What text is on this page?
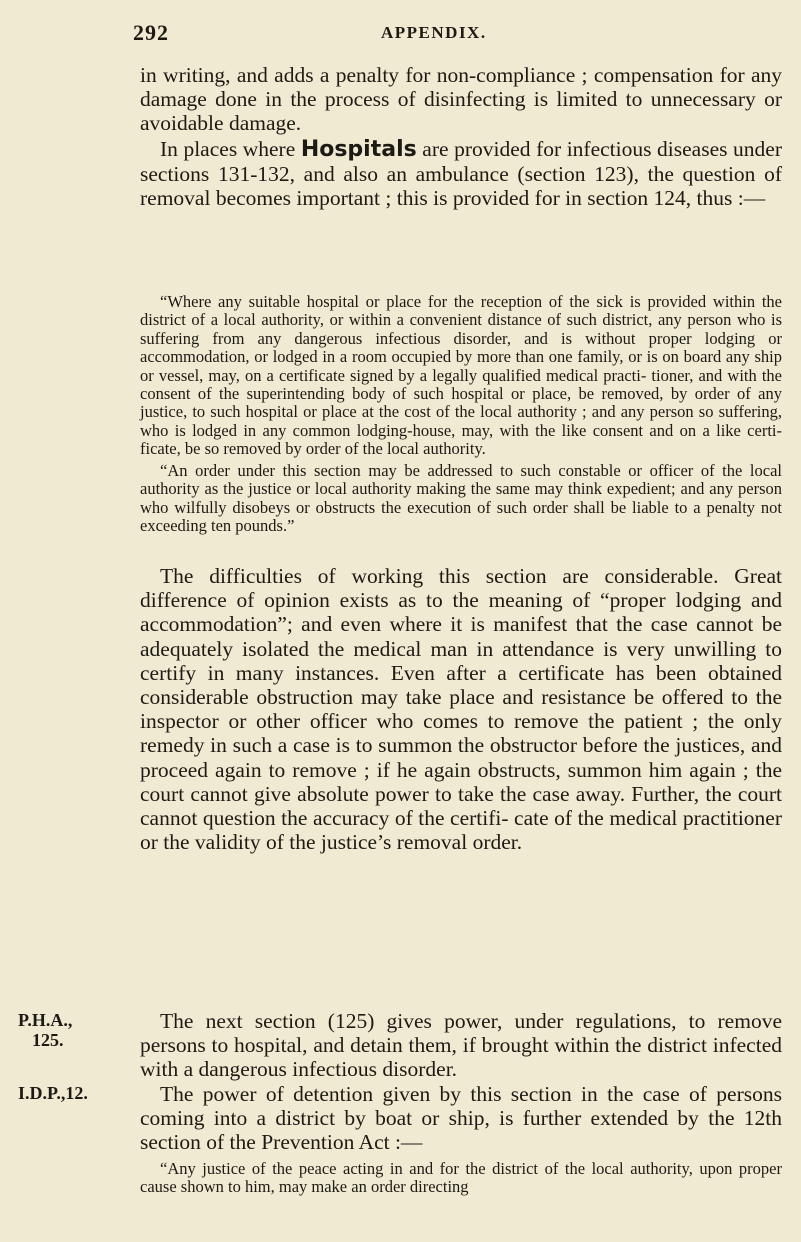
292	APPENDIX.

in writing, and adds a penalty for non-compliance ; compensation for any damage done in the process of disinfecting is limited to unnecessary or avoidable damage.

In places where Hospitals are provided for infectious diseases under sections 131-132, and also an ambulance (section 123), the question of removal becomes important ; this is provided for in section 124, thus :—

“Where any suitable hospital or place for the reception of the sick is provided within the district of a local authority, or within a convenient distance of such district, any person who is suffering from any dangerous infectious disorder, and is without proper lodging or accommodation, or lodged in a room occupied by more than one family, or is on board any ship or vessel, may, on a certificate signed by a legally qualified medical practi- tioner, and with the consent of the superintending body of such hospital or place, be removed, by order of any justice, to such hospital or place at the cost of the local authority ; and any person so suffering, who is lodged in any common lodging-house, may, with the like consent and on a like certi- ficate, be so removed by order of the local authority.

“An order under this section may be addressed to such constable or officer of the local authority as the justice or local authority making the same may think expedient; and any person who wilfully disobeys or obstructs the execution of such order shall be liable to a penalty not exceeding ten pounds.”

The difficulties of working this section are considerable. Great difference of opinion exists as to the meaning of “proper lodging and accommodation”; and even where it is manifest that the case cannot be adequately isolated the medical man in attendance is very unwilling to certify in many instances. Even after a certificate has been obtained considerable obstruction may take place and resistance be offered to the inspector or other officer who comes to remove the patient ; the only remedy in such a case is to summon the obstructor before the justices, and proceed again to remove ; if he again obstructs, summon him again ; the court cannot give absolute power to take the case away. Further, the court cannot question the accuracy of the certifi- cate of the medical practitioner or the validity of the justice’s removal order.

P.H.A.,
125.

The next section (125) gives power, under regulations, to remove persons to hospital, and detain them, if brought within the district infected with a dangerous infectious disorder.

I.D.P.,12.	The power of detention given by this section in the case of persons coming into a district by boat or ship, is further extended by the 12th section of the Prevention Act :—

“Any justice of the peace acting in and for the district of the local authority, upon proper cause shown to him, may make an order directing
